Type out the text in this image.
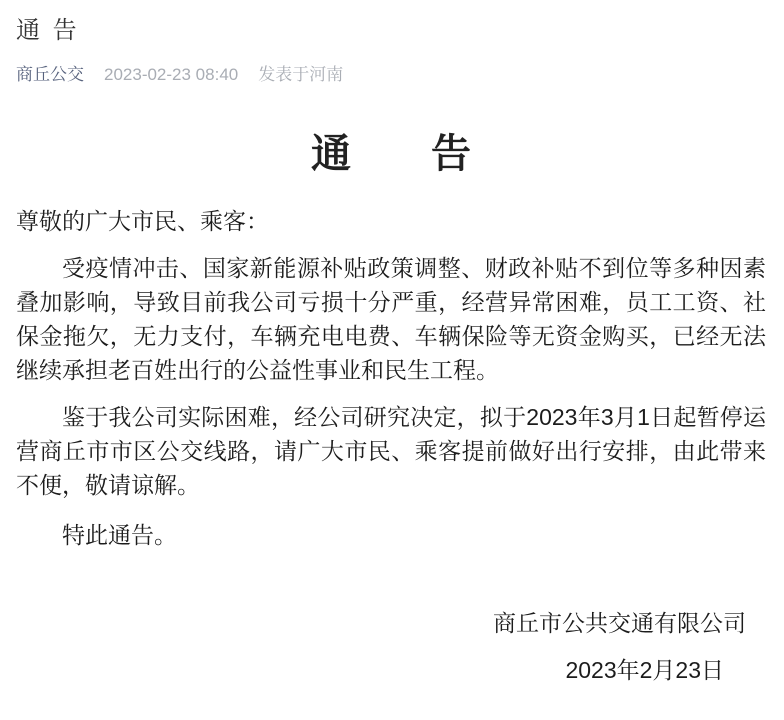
通 告
商丘公交 2023-02-23 08:40 发表于河南
通　　告
尊敬的广大市民、乘客：

受疫情冲击、国家新能源补贴政策调整、财政补贴不到位等多种因素叠加影响，导致目前我公司亏损十分严重，经营异常困难，员工工资、社保金拖欠，无力支付，车辆充电电费、车辆保险等无资金购买，已经无法继续承担老百姓出行的公益性事业和民生工程。

鉴于我公司实际困难，经公司研究决定，拟于2023年3月1日起暂停运营商丘市市区公交线路，请广大市民、乘客提前做好出行安排，由此带来不便，敬请谅解。

特此通告。

商丘市公共交通有限公司
2023年2月23日
